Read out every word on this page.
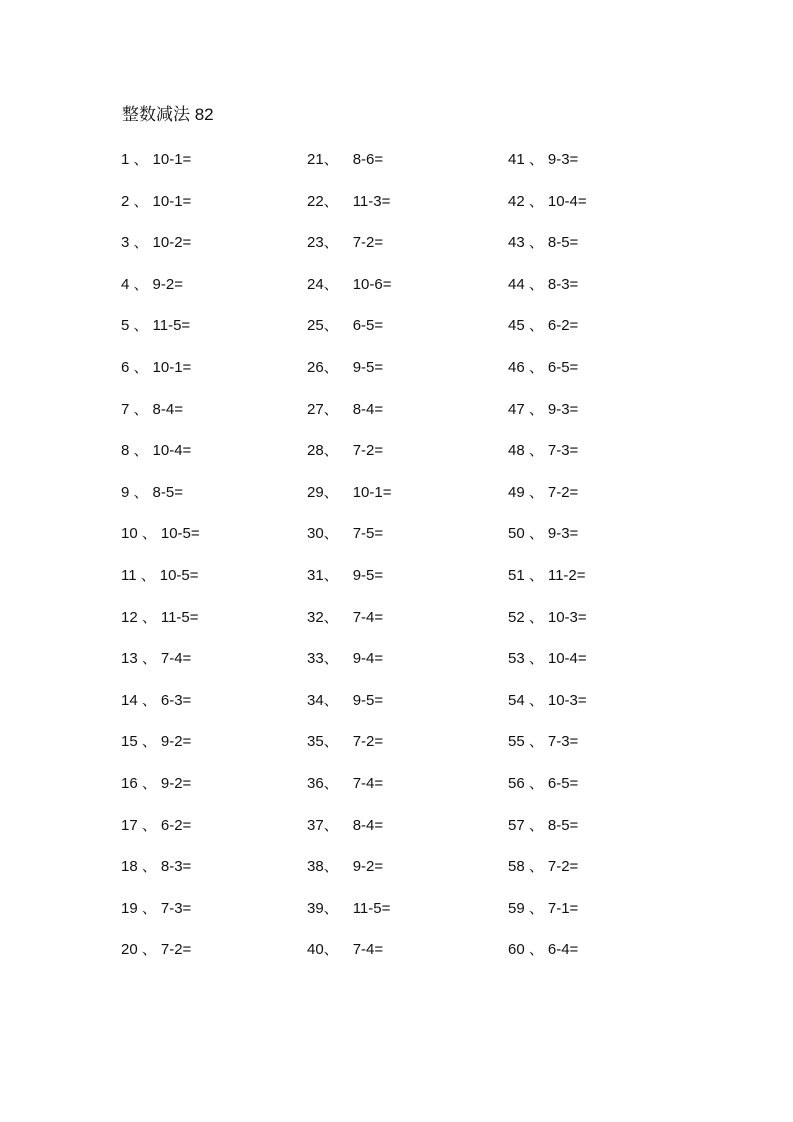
整数减法 82
1 、 10-1=
2 、 10-1=
3 、 10-2=
4 、 9-2=
5 、 11-5=
6 、 10-1=
7 、 8-4=
8 、 10-4=
9 、 8-5=
10 、 10-5=
11 、 10-5=
12 、 11-5=
13 、 7-4=
14 、 6-3=
15 、 9-2=
16 、 9-2=
17 、 6-2=
18 、 8-3=
19 、 7-3=
20 、 7-2=
21、 8-6=
22、 11-3=
23、 7-2=
24、 10-6=
25、 6-5=
26、 9-5=
27、 8-4=
28、 7-2=
29、 10-1=
30、 7-5=
31、 9-5=
32、 7-4=
33、 9-4=
34、 9-5=
35、 7-2=
36、 7-4=
37、 8-4=
38、 9-2=
39、 11-5=
40、 7-4=
41 、 9-3=
42 、 10-4=
43 、 8-5=
44 、 8-3=
45 、 6-2=
46 、 6-5=
47 、 9-3=
48 、 7-3=
49 、 7-2=
50 、 9-3=
51 、 11-2=
52 、 10-3=
53 、 10-4=
54 、 10-3=
55 、 7-3=
56 、 6-5=
57 、 8-5=
58 、 7-2=
59 、 7-1=
60 、 6-4=
